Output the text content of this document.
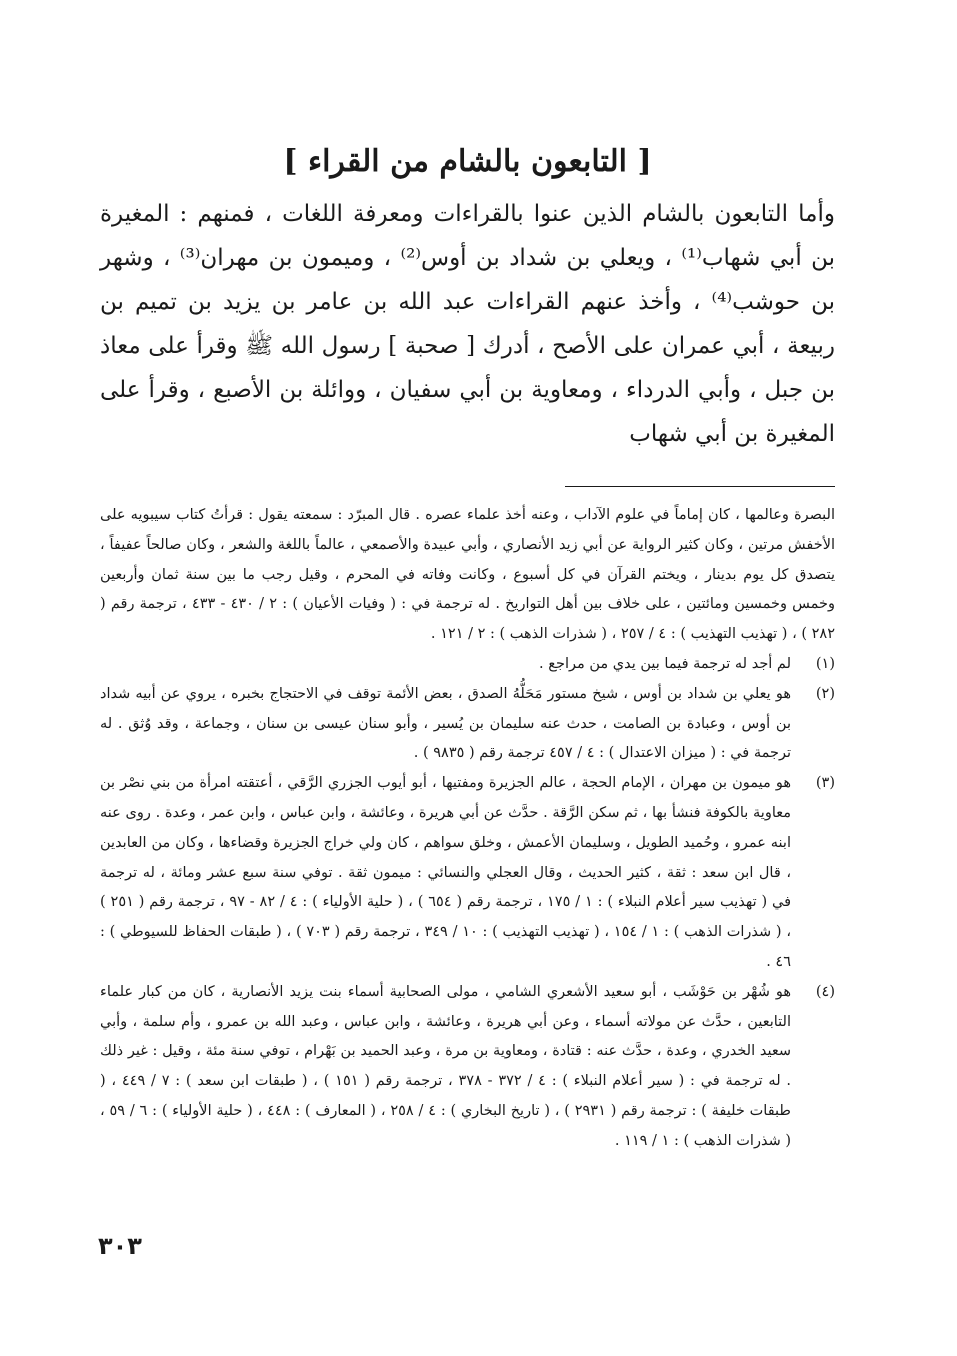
[ التابعون بالشام من القراء ]

وأما التابعون بالشام الذين عنوا بالقراءات ومعرفة اللغات ، فمنهم : المغيرة بن أبي شهاب⁽¹⁾ ، ويعلي بن شداد بن أوس⁽²⁾ ، وميمون بن مهران⁽³⁾ ، وشهر بن حوشب⁽⁴⁾ ، وأخذ عنهم القراءات عبد الله بن عامر بن يزيد بن تميم بن ربيعة ، أبي عمران على الأصح ، أدرك [ صحبة ] رسول الله ﷺ وقرأ على معاذ بن جبل ، وأبي الدرداء ، ومعاوية بن أبي سفيان ، ووائلة بن الأصبع ، وقرأ على المغيرة بن أبي شهاب

البصرة وعالمها ، كان إماماً في علوم الآداب ، وعنه أخذ علماء عصره . قال المبرّد : سمعته يقول : قرأتُ كتاب سيبويه على الأخفش مرتين ، وكان كثير الرواية عن أبي زيد الأنصاري ، وأبي عبيدة والأصمعي ، عالماً باللغة والشعر ، وكان صالحاً عفيفاً ، يتصدق كل يوم بدينار ، ويختم القرآن في كل أسبوع ، وكانت وفاته في المحرم ، وقيل رجب ما بين سنة ثمان وأربعين وخمس وخمسين ومائتين ، على خلاف بين أهل التواريخ . له ترجمة في : ( وفيات الأعيان ) : ٢ / ٤٣٠ - ٤٣٣ ، ترجمة رقم ( ٢٨٢ ) ، ( تهذيب التهذيب ) : ٤ / ٢٥٧ ، ( شذرات الذهب ) : ٢ / ١٢١ .

(١)

لم أجد له ترجمة فيما بين يدي من مراجع .

(٢)

هو يعلي بن شداد بن أوس ، شيخ مستور مَحَلُّهُ الصدق ، بعض الأئمة توقف في الاحتجاج بخبره ، يروي عن أبيه شداد بن أوس ، وعبادة بن الصامت ، حدث عنه سليمان بن يُسير ، وأبو سنان عيسى بن سنان ، وجماعة ، وقد وُثق . له ترجمة في : ( ميزان الاعتدال ) : ٤ / ٤٥٧ ترجمة رقم ( ٩٨٣٥ ) .

(٣)

هو ميمون بن مهران ، الإمام الحجة ، عالم الجزيرة ومفتيها ، أبو أيوب الجزري الرَّقي ، أعتقته امرأة من بني نصْر بن معاوية بالكوفة فنشأ بها ، ثم سكن الرَّقة . حدَّث عن أبي هريرة ، وعائشة ، وابن عباس ، وابن عمر ، وعدة . روى عنه ابنه عمرو ، وحُميد الطويل ، وسليمان الأعمش ، وخلق سواهم ، كان ولي خراج الجزيرة وقضاءها ، وكان من العابدين ، قال ابن سعد : ثقة ، كثير الحديث ، وقال العجلي والنسائي : ميمون ثقة . توفي سنة سبع عشر ومائة ، له ترجمة في ( تهذيب سير أعلام النبلاء ) : ١ / ١٧٥ ، ترجمة رقم ( ٦٥٤ ) ، ( حلية الأولياء ) : ٤ / ٨٢ - ٩٧ ، ترجمة رقم ( ٢٥١ ) ، ( شذرات الذهب ) : ١ / ١٥٤ ، ( تهذيب التهذيب ) : ١٠ / ٣٤٩ ، ترجمة رقم ( ٧٠٣ ) ، ( طبقات الحفاظ للسيوطي ) : ٤٦ .

(٤)

هو شُهْر بن حَوْشَب ، أبو سعيد الأشعري الشامي ، مولى الصحابية أسماء بنت يزيد الأنصارية ، كان من كبار علماء التابعين ، حدَّث عن مولاته أسماء ، وعن أبي هريرة ، وعائشة ، وابن عباس ، وعبد الله بن عمرو ، وأم سلمة ، وأبي سعيد الخدري ، وعدة ، حدَّث عنه : قتادة ، ومعاوية بن مرة ، وعبد الحميد بن بَهْرام ، توفي سنة مئة ، وقيل : غير ذلك . له ترجمة في : ( سير أعلام النبلاء ) : ٤ / ٣٧٢ - ٣٧٨ ، ترجمة رقم ( ١٥١ ) ، ( طبقات ابن سعد ) : ٧ / ٤٤٩ ، ( طبقات خليفة ) : ترجمة رقم ( ٢٩٣١ ) ، ( تاريخ البخاري ) : ٤ / ٢٥٨ ، ( المعارف ) : ٤٤٨ ، ( حلية الأولياء ) : ٦ / ٥٩ ، ( شذرات الذهب ) : ١ / ١١٩ .

٣٠٣
